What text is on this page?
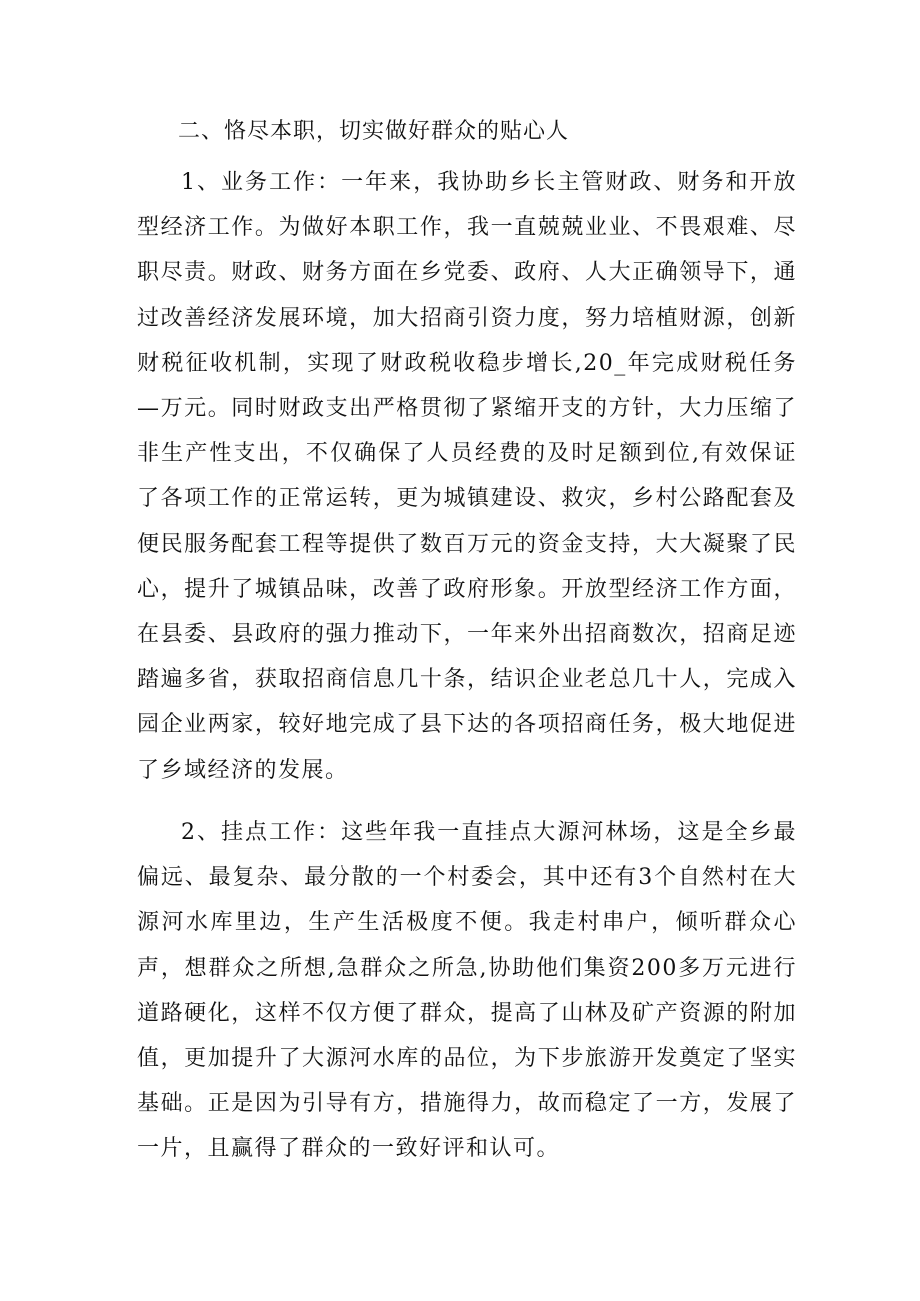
二、恪尽本职，切实做好群众的贴心人

1、业务工作：一年来，我协助乡长主管财政、财务和开放型经济工作。为做好本职工作，我一直兢兢业业、不畏艰难、尽职尽责。财政、财务方面在乡党委、政府、人大正确领导下，通过改善经济发展环境，加大招商引资力度，努力培植财源，创新财税征收机制，实现了财政税收稳步增长,20_年完成财税任务—万元。同时财政支出严格贯彻了紧缩开支的方针，大力压缩了非生产性支出，不仅确保了人员经费的及时足额到位,有效保证了各项工作的正常运转，更为城镇建设、救灾，乡村公路配套及便民服务配套工程等提供了数百万元的资金支持，大大凝聚了民心，提升了城镇品味，改善了政府形象。开放型经济工作方面，在县委、县政府的强力推动下，一年来外出招商数次，招商足迹踏遍多省，获取招商信息几十条，结识企业老总几十人，完成入园企业两家，较好地完成了县下达的各项招商任务，极大地促进了乡域经济的发展。

2、挂点工作：这些年我一直挂点大源河林场，这是全乡最偏远、最复杂、最分散的一个村委会，其中还有3个自然村在大源河水库里边，生产生活极度不便。我走村串户，倾听群众心声，想群众之所想,急群众之所急,协助他们集资200多万元进行道路硬化，这样不仅方便了群众，提高了山林及矿产资源的附加值，更加提升了大源河水库的品位，为下步旅游开发奠定了坚实基础。正是因为引导有方，措施得力，故而稳定了一方，发展了一片，且赢得了群众的一致好评和认可。
